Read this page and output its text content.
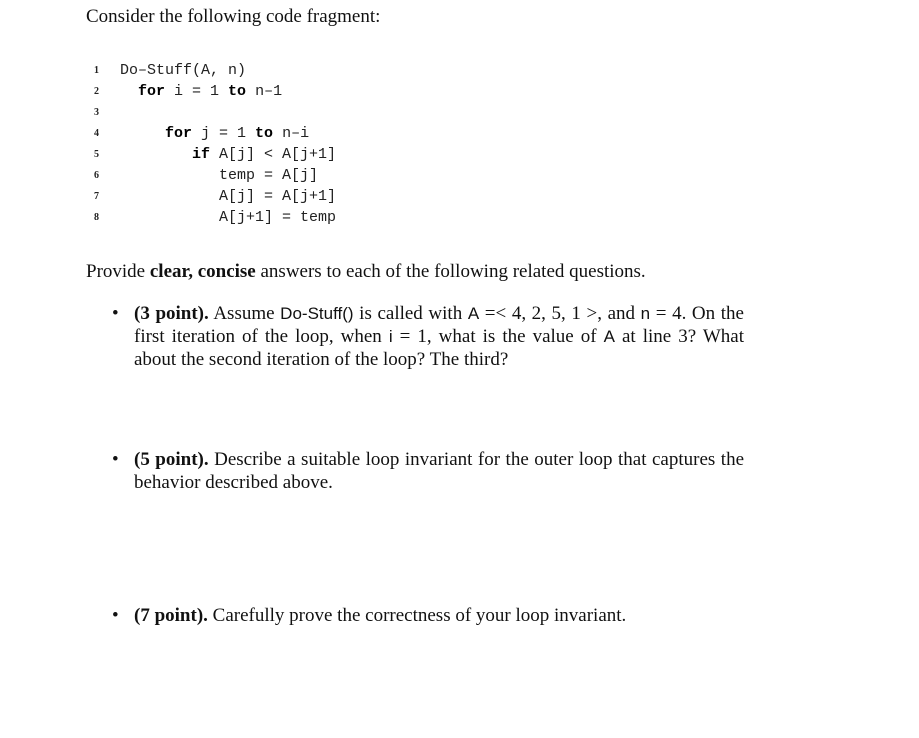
Consider the following code fragment:
1	Do–Stuff(A, n)
2	for i = 1 to n–1
3
4	for j = 1 to n–i
5	if A[j] < A[j+1]
6	temp = A[j]
7	A[j] = A[j+1]
8	A[j+1] = temp
Provide clear, concise answers to each of the following related questions.
• (3 point). Assume Do-Stuff() is called with A =< 4, 2, 5, 1 >, and n = 4. On the first iteration of the loop, when i = 1, what is the value of A at line 3? What about the second iteration of the loop? The third?
• (5 point). Describe a suitable loop invariant for the outer loop that captures the behavior described above.
• (7 point). Carefully prove the correctness of your loop invariant.
